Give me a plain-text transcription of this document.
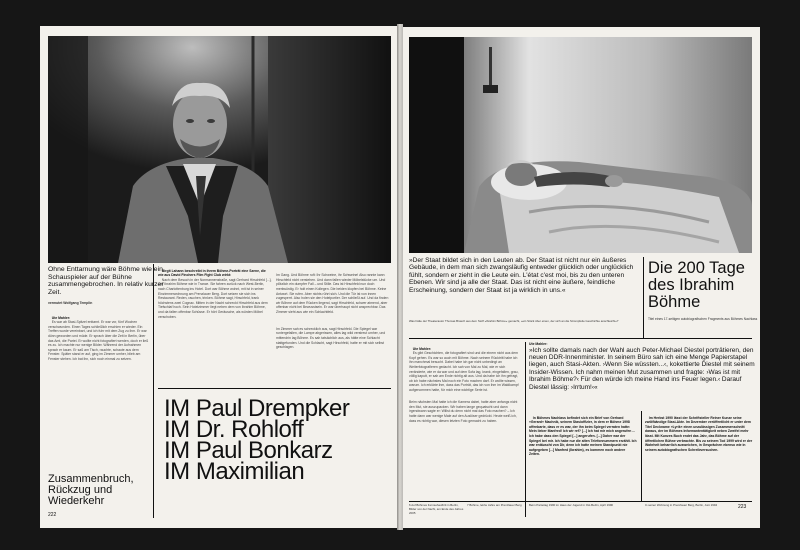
Ohne Enttarnung wäre Böhme wie ein Schauspieler auf der Bühne zusammengebrochen. In relativ kurzer Zeit.
vermutet Wolfgang Templin

Ute Mahler:
Es war ab Stasi-Spitzel enttarnt. Er war vor, fünf Wochen verschwunden. Einen Tages schließlich erschien er wieder. Ein Treffen wurde vereinbart, und ich fuhr mit dem Zug zu ihm. Er war dünn geworden und müde. Er sprach über die Zeit in Berlin, über das Amt, die Partei. Er wollte nicht fotografiert werden, doch er ließ es zu. Ich machte nur wenige Bilder. Während der Aufnahmen sprach er kaum. Er saß am Tisch, rauchte, schaute aus dem Fenster. Später stand er auf, ging im Zimmer umher, blieb am Fenster stehen. Ich bat ihn, sich noch einmal zu setzen.

Birgit Lahann beschreibt in ihrem Böhme-Porträt eine Szene, die wie aus David Finchers Film Fight Club wirkt:
Nach dem Besuch in der Normannenstraße, sagt Gerhard Hirschfeld [...], war Ibrahim Böhme wie in Trance. Sie fahren zurück nach West-Berlin, nach Charlottenburg ins Hotel. Dort war Böhme wohnt, mit ist in seiner Einzimmerwohnung am Prenzlauer Berg. Dort setzen sie sich ins Restaurant. Reden, rauchen, trinken. Böhme sagt, Hirschfeld, trank höchstens zwei Cognac. Mitten in der Nacht schreckt Hirschfeld aus dem Tiefschlaf hoch. Sein Hotelzimmer liegt neben dem von Ibrahim Böhme, und da fallen offenbar Schüsse. Er hört Geräusche, als würden Möbel verschoben.

Im Gang. Und Böhme ruft: Ihr Schweine, ihr Schweine! Also rannte kann Hirschfeld nicht verstehen. Und dann fallen wieder Möbelstücke um. Und plötzlich ein dumpfer Fall – und Stille. Das ist Hirschfeld nun doch merkwürdig. Er holt einen Kollegen. Die beiden klopfen bei Böhme. Keine Antwort. Sie rufen. Aber nichts rührt sich. Und die Tür ist von innen zugesperrt. Also holen sie den Hotelportier. Der schließt auf. Und da finden wir Böhme auf dem Rücken liegend, sagt Hirschfeld, schwer atmend, aber offenbar nicht bei Bewusstsein. Er war überhaupt nicht ansprechbar. Das Zimmer sieht aus wie ein Schlachtfeld.

Im Zimmer sah es schrecklich aus, sagt Hirschfeld. Die Spiegel war runtergefallen, die Lampe abgerissen, alles lag wild verstreut umher, und mittendrin lag Böhme. Es sah tatsächlich aus, als hätte eine Schlacht stattgefunden. Und die Schlacht, sagt Hirschfeld, hatte er mit sich selbst geschlagen.

IM Paul Drempker
IM Dr. Rohloff
IM Paul Bonkarz
IM Maximilian
Zusammenbruch, Rückzug und Wiederkehr
222
»Der Staat bildet sich in den Leuten ab. Der Staat ist nicht nur ein äußeres Gebäude, in dem man sich zwangsläufig entweder glücklich oder unglücklich fühlt, sondern er zieht in die Leute ein. L'état c'est moi, bis zu den unteren Ebenen. Wir sind ja alle der Staat. Das ist nicht eine äußere, feindliche Erscheinung, sondern der Staat ist ja wirklich in uns.«
Was hätte der Theaterautor Thomas Brasch aus dem Stoff »Ibrahim Böhme« gemacht, »ein Stück über einen, der sich an die Strompfeile Geschichte anschleicht«?
Die 200 Tage des Ibrahim Böhme
Titel eines 17-seitigen autobiografischen Fragments aus Böhmes Nachlass

Ute Mahler:
Es gibt Geschichten, die fotografiert sind und die einem nicht aus dem Kopf gehen. Es war so auch mit Böhme. Nach seinem Rücktritt habe ich ihn manchmal besucht. Dabei habe ich gar nicht unbedingt an Weiterfotografieren gedacht. Ich sah von Mal zu Mal, wie er sich veränderte, wie er da war und auf dem Sofa lag, krank, eingefallen, grau, völlig kaputt, er sah am Ende richtig alt aus. Und da habe ich ihn gefragt, ob ich habe nächstes Mal noch ein Foto machen darf. Er wollte wissen, warum. Ich erklärte ihm, dass das Porträt, das ich von ihm im Waldkampf aufgenommen hatte, für mich eine wichtige Serie ist.

Beim nächsten Mal hatte ich die Kamera dabei, hatte aber anfangs nicht den Mut, sie auszupacken. Wir haben lange gequatscht und dann irgendwann sagte er: Willst du denn nicht mal das Foto machen? – Ich hatte dann war wenige Male auf den Auslöser gedrückt. Heute weiß ich, dass es richtig war, diesen letzten Foto gemacht zu haben.

Ute Mahler:
»Ich sollte damals nach der Wahl auch Peter-Michael Diestel porträtieren, den neuen DDR-Innenminister. In seinem Büro sah ich eine Menge Papierstapel liegen, auch Stasi-Akten. ›Wenn Sie wüssten...‹, kokettierte Diestel mit seinem Insider-Wissen. Ich nahm meinen Mut zusammen und fragte: ›Was ist mit Ibrahim Böhme?‹ Für den würde ich meine Hand ins Feuer legen.‹ Darauf Diestel lässig: ›Irrtum!‹«

In Böhmes Nachlass befindet sich ein Brief von Gerhard »Gerard« Machnik, seinem Stasioffizier, in dem er Böhme 1998 offenbarte, dass er es war, der ihn beim Spiegel verraten hatte: Mein lieber Manfred! Ich wir ref? [...] Ich hat mir mich angerufen ... Ich habe dass den Spiegel [...] angerufen. [...] Daher war der Spiegel bei mir. Ich habe nur die alten Telefonnummern erzählt. Ich war entäuscht von Dir, denn ich hatte meinen Standpunkt nie aufgegeben [...] Manfred (Ibrahim), es kommen noch andere Zeiten.

Im Herbst 1990 lässt der Schriftsteller Reiner Kunze seine zwölfbändige Stasi-Akte. Im Dezember veröffentlicht er unter dem Titel Deckname »Lyrik« einen unzulässigen Zusammenschnitt daraus, der im Böhmes Informantentätigkeit neben Zweifel mehr lässt. Mit Kunzes Buch endet das Jahr, das Böhme auf der öffentlichen Bühne verbrachte. Bis zu seinem Tod 1999 wird er der Wahrheit beharrlich ausweichen, in Gesprächen ebenso wie in seinem autobiografischen Schreibversuchen.

6 Auf Böhmes Fernsehauftritt in Berlin, Bilder von der Nacht, am Ende des Jahres 2005
7 Böhme, letzte Jahre am Prenzlauer Berg	Beim Parteitag 1990 im Haus der Jugend in Ost-Berlin, April 1990	In seiner Wohnung in Prenzlauer Berg, Berlin, Juni 1994	223
